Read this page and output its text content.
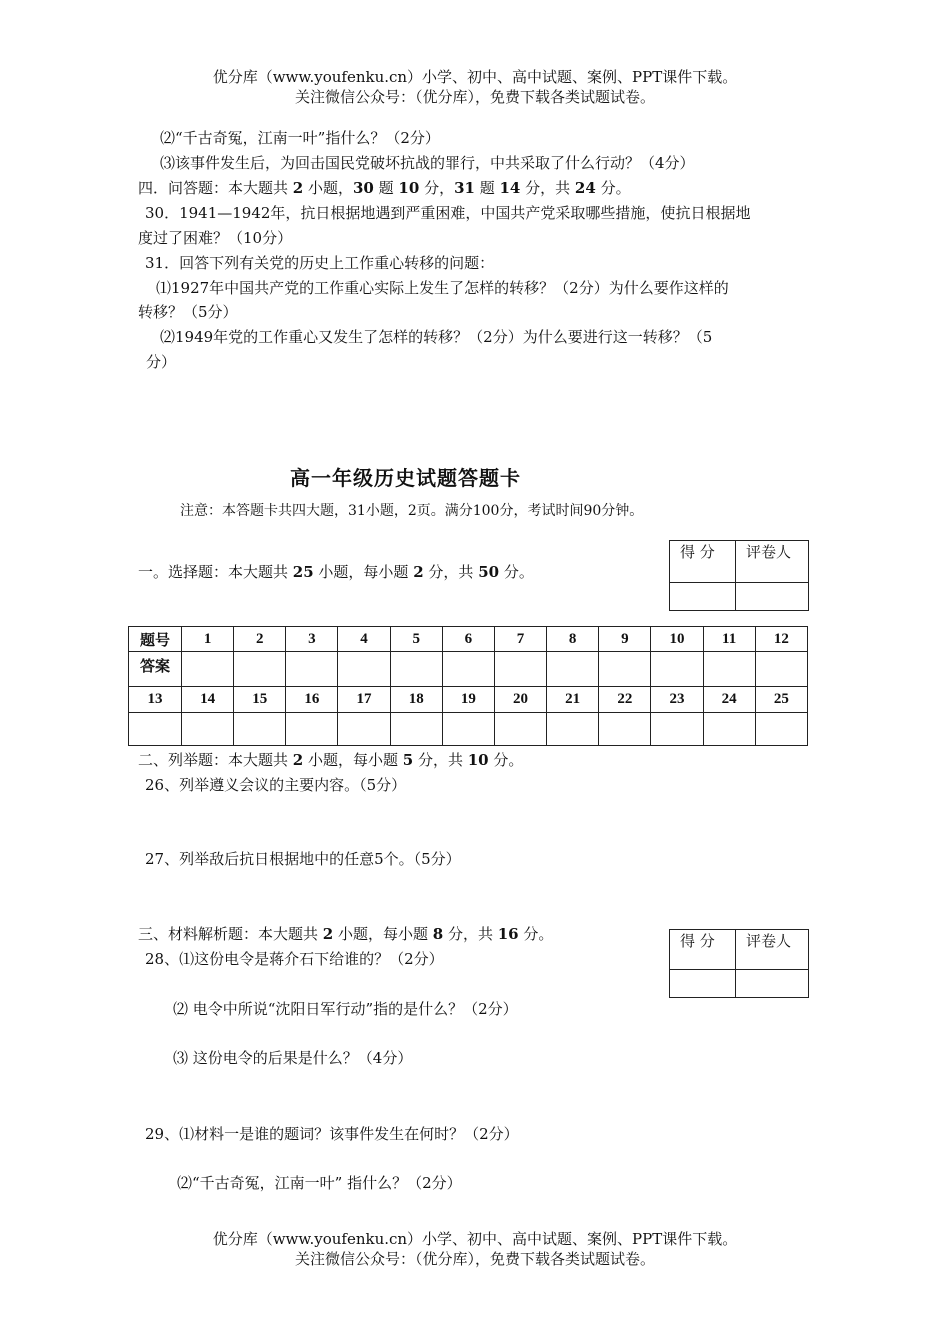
优分库（www.youfenku.cn）小学、初中、高中试题、案例、PPT课件下载。
关注微信公众号：（优分库），免费下载各类试题试卷。
⑵“千古奇冤，江南一叶”指什么？（2分）
⑶该事件发生后，为回击国民党破坏抗战的罪行，中共采取了什么行动？（4分）
四．问答题：本大题共 2 小题，30 题 10 分，31 题 14 分，共 24 分。
30．1941—1942年，抗日根据地遇到严重困难，中国共产党采取哪些措施，使抗日根据地
度过了困难？（10分）
31．回答下列有关党的历史上工作重心转移的问题：
⑴1927年中国共产党的工作重心实际上发生了怎样的转移？（2分）为什么要作这样的
转移？（5分）
⑵1949年党的工作重心又发生了怎样的转移？（2分）为什么要进行这一转移？（5
分）
高一年级历史试题答题卡
注意：本答题卡共四大题，31小题，2页。满分100分，考试时间90分钟。
一。选择题：本大题共 25 小题，每小题 2 分，共 50 分。
得 分	评卷人

题号	1	2	3	4	5	6	7	8	9	10	11	12
答案												
13	14	15	16	17	18	19	20	21	22	23	24	25

二、列举题：本大题共 2 小题，每小题 5 分，共 10 分。
26、列举遵义会议的主要内容。（5分）
27、列举敌后抗日根据地中的任意5个。（5分）
三、材料解析题：本大题共 2 小题，每小题 8 分，共 16 分。	得 分	评卷人

28、⑴这份电令是蒋介石下给谁的？（2分）
⑵ 电令中所说“沈阳日军行动”指的是什么？（2分）
⑶ 这份电令的后果是什么？（4分）
29、⑴材料一是谁的题词？该事件发生在何时？（2分）
⑵“千古奇冤，江南一叶” 指什么？（2分）
优分库（www.youfenku.cn）小学、初中、高中试题、案例、PPT课件下载。
关注微信公众号：（优分库），免费下载各类试题试卷。
